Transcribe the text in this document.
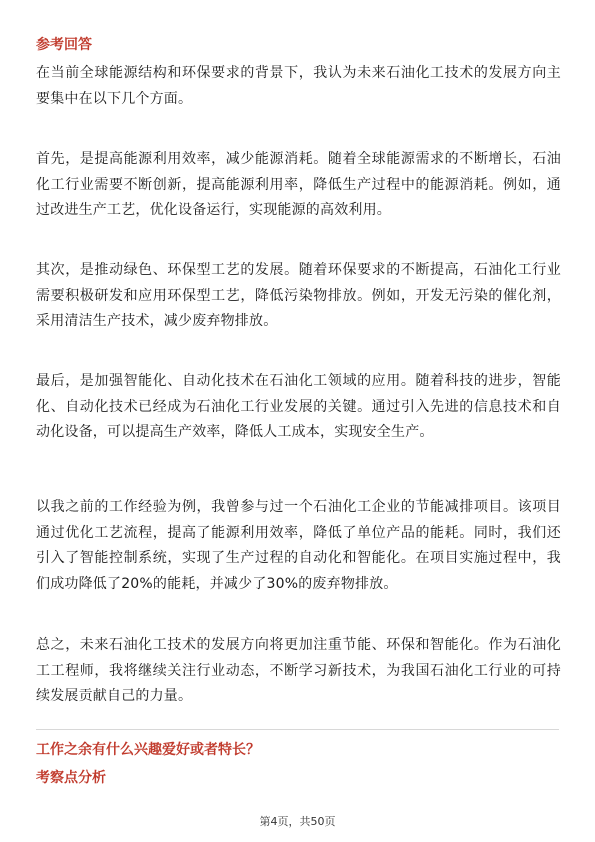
参考回答

在当前全球能源结构和环保要求的背景下，我认为未来石油化工技术的发展方向主要集中在以下几个方面。

首先，是提高能源利用效率，减少能源消耗。随着全球能源需求的不断增长，石油化工行业需要不断创新，提高能源利用率，降低生产过程中的能源消耗。例如，通过改进生产工艺，优化设备运行，实现能源的高效利用。

其次，是推动绿色、环保型工艺的发展。随着环保要求的不断提高，石油化工行业需要积极研发和应用环保型工艺，降低污染物排放。例如，开发无污染的催化剂，采用清洁生产技术，减少废弃物排放。

最后，是加强智能化、自动化技术在石油化工领域的应用。随着科技的进步，智能化、自动化技术已经成为石油化工行业发展的关键。通过引入先进的信息技术和自动化设备，可以提高生产效率，降低人工成本，实现安全生产。

以我之前的工作经验为例，我曾参与过一个石油化工企业的节能减排项目。该项目通过优化工艺流程，提高了能源利用效率，降低了单位产品的能耗。同时，我们还引入了智能控制系统，实现了生产过程的自动化和智能化。在项目实施过程中，我们成功降低了20%的能耗，并减少了30%的废弃物排放。

总之，未来石油化工技术的发展方向将更加注重节能、环保和智能化。作为石油化工工程师，我将继续关注行业动态，不断学习新技术，为我国石油化工行业的可持续发展贡献自己的力量。

工作之余有什么兴趣爱好或者特长？
考察点分析
第4页，共50页
